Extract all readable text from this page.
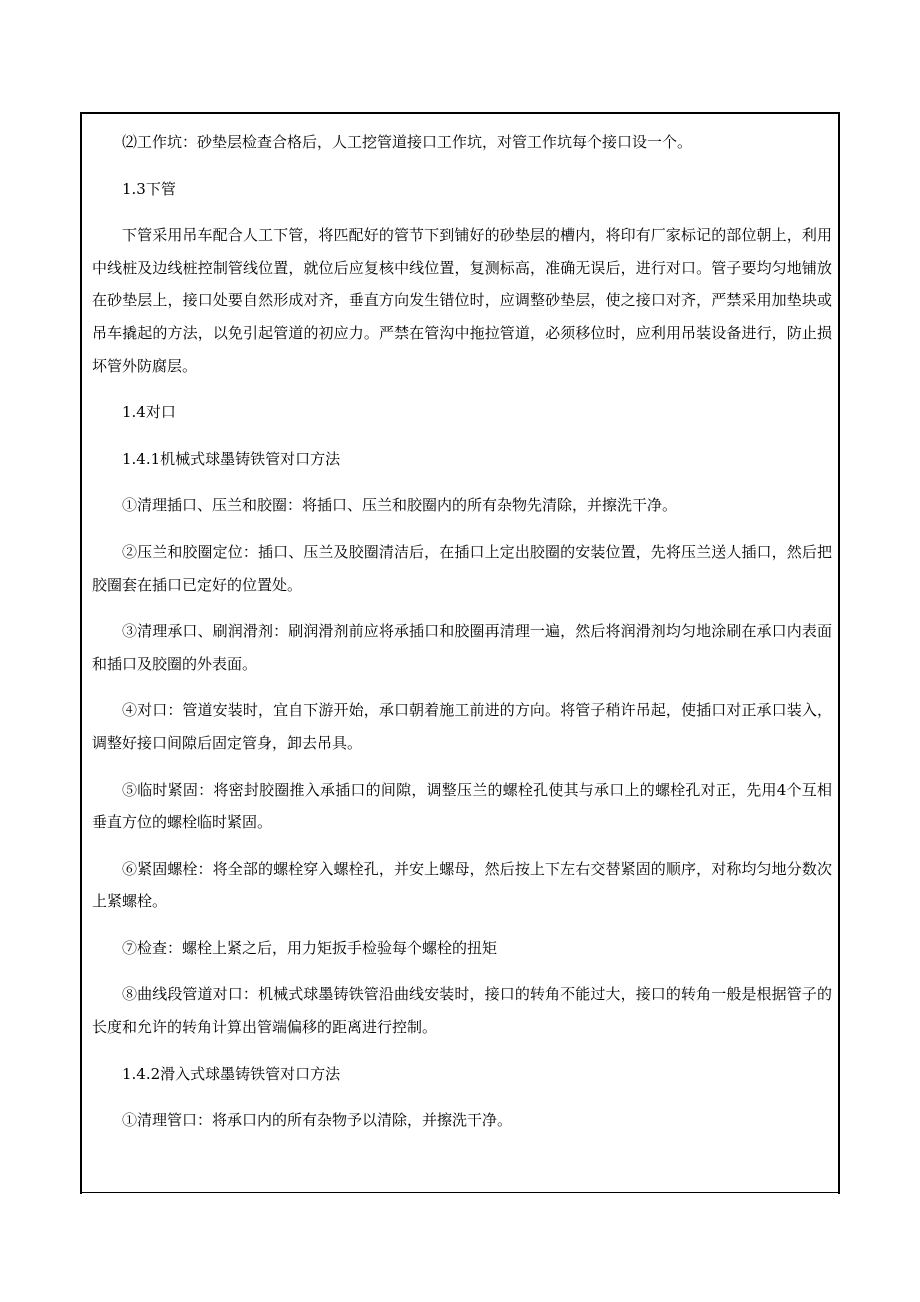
⑵工作坑：砂垫层检查合格后，人工挖管道接口工作坑，对管工作坑每个接口设一个。

1.3下管

下管采用吊车配合人工下管，将匹配好的管节下到铺好的砂垫层的槽内，将印有厂家标记的部位朝上，利用中线桩及边线桩控制管线位置，就位后应复核中线位置，复测标高，准确无误后，进行对口。管子要均匀地铺放在砂垫层上，接口处要自然形成对齐，垂直方向发生错位时，应调整砂垫层，使之接口对齐，严禁采用加垫块或吊车撬起的方法，以免引起管道的初应力。严禁在管沟中拖拉管道，必须移位时，应利用吊装设备进行，防止损坏管外防腐层。

1.4对口

1.4.1机械式球墨铸铁管对口方法

①清理插口、压兰和胶圈：将插口、压兰和胶圈内的所有杂物先清除，并擦洗干净。

②压兰和胶圈定位：插口、压兰及胶圈清洁后，在插口上定出胶圈的安装位置，先将压兰送人插口，然后把胶圈套在插口已定好的位置处。

③清理承口、刷润滑剂：刷润滑剂前应将承插口和胶圈再清理一遍，然后将润滑剂均匀地涂刷在承口内表面和插口及胶圈的外表面。

④对口：管道安装时，宜自下游开始，承口朝着施工前进的方向。将管子稍许吊起，使插口对正承口装入，调整好接口间隙后固定管身，卸去吊具。

⑤临时紧固：将密封胶圈推入承插口的间隙，调整压兰的螺栓孔使其与承口上的螺栓孔对正，先用4个互相垂直方位的螺栓临时紧固。

⑥紧固螺栓：将全部的螺栓穿入螺栓孔，并安上螺母，然后按上下左右交替紧固的顺序，对称均匀地分数次上紧螺栓。

⑦检查：螺栓上紧之后，用力矩扳手检验每个螺栓的扭矩

⑧曲线段管道对口：机械式球墨铸铁管沿曲线安装时，接口的转角不能过大，接口的转角一般是根据管子的长度和允许的转角计算出管端偏移的距离进行控制。

1.4.2滑入式球墨铸铁管对口方法

①清理管口：将承口内的所有杂物予以清除，并擦洗干净。
